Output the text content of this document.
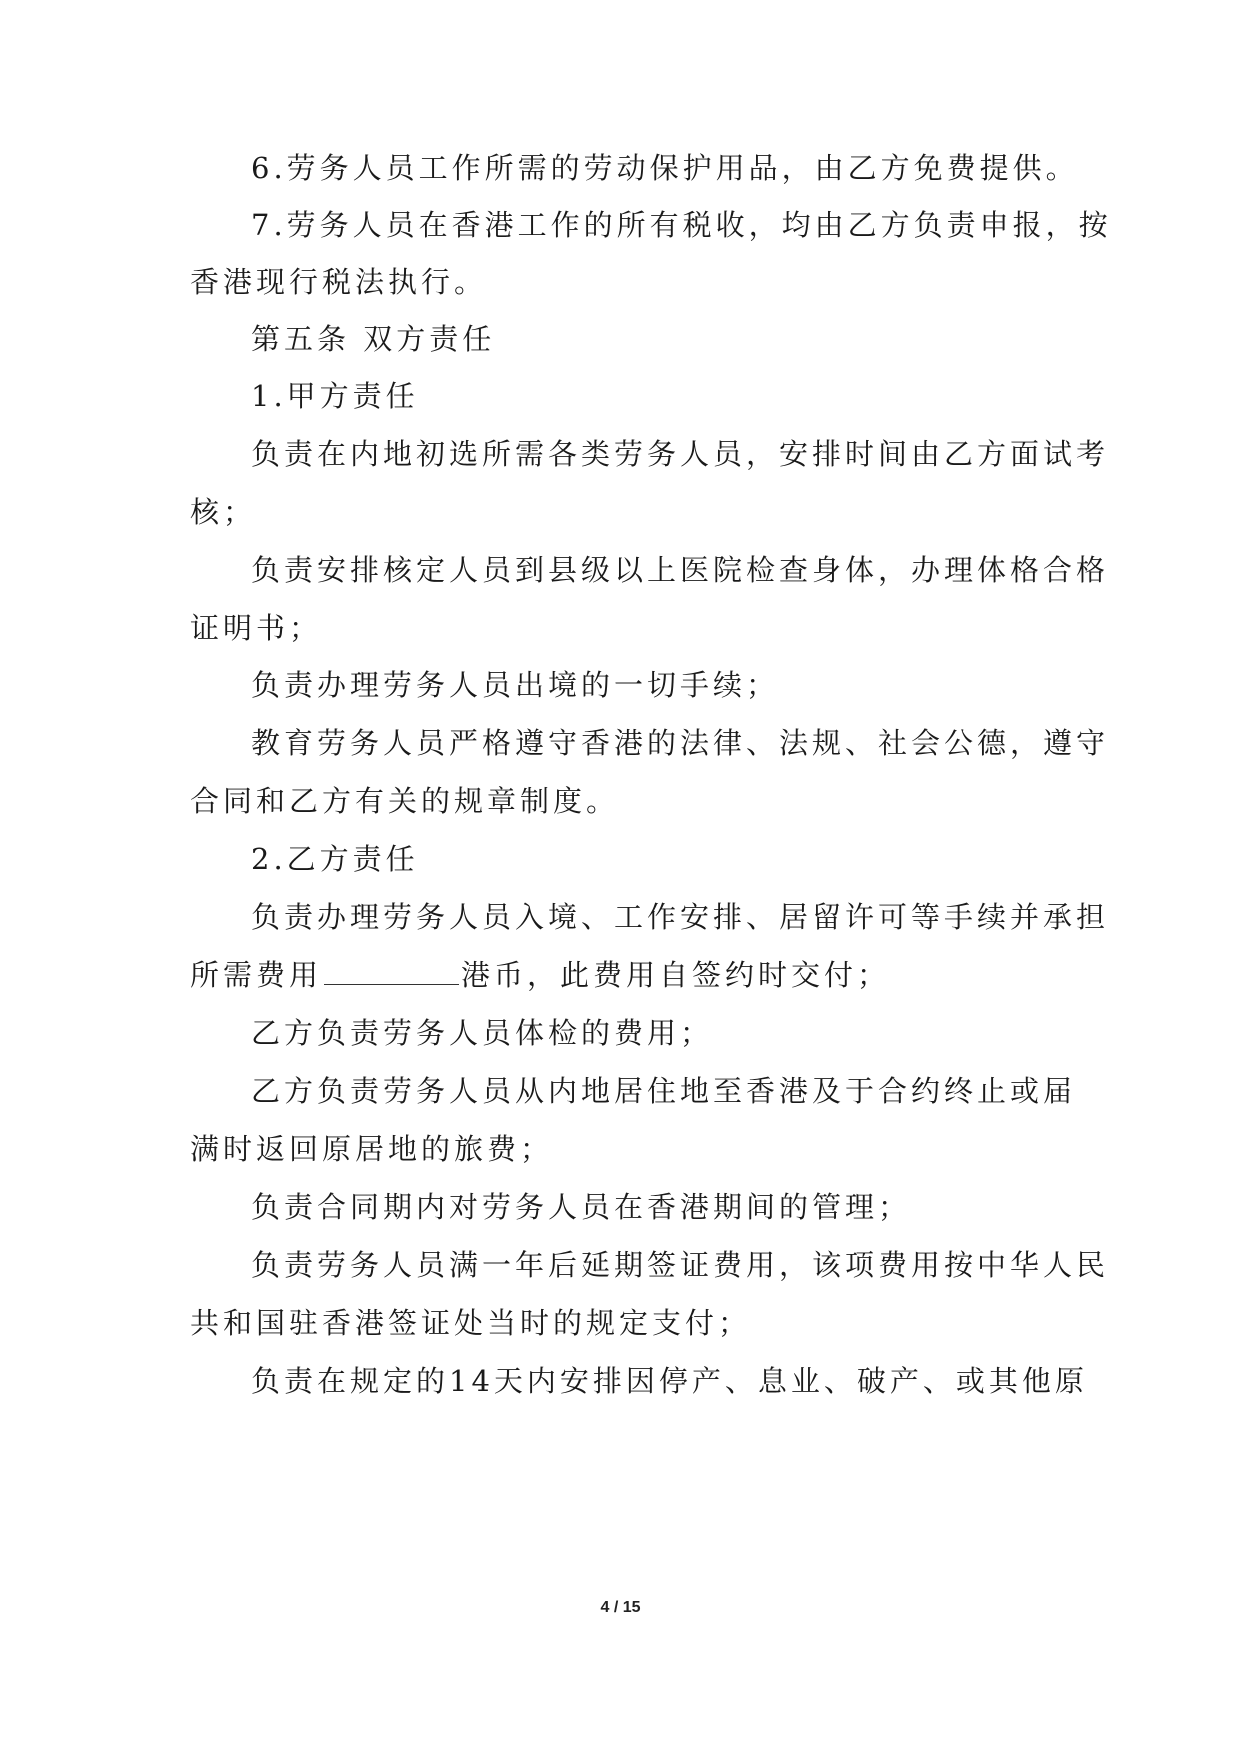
6.劳务人员工作所需的劳动保护用品，由乙方免费提供。
7.劳务人员在香港工作的所有税收，均由乙方负责申报，按
香港现行税法执行。
第五条 双方责任
1.甲方责任
负责在内地初选所需各类劳务人员，安排时间由乙方面试考
核；
负责安排核定人员到县级以上医院检查身体，办理体格合格
证明书；
负责办理劳务人员出境的一切手续；
教育劳务人员严格遵守香港的法律、法规、社会公德，遵守
合同和乙方有关的规章制度。
2.乙方责任
负责办理劳务人员入境、工作安排、居留许可等手续并承担
所需费用	港币，此费用自签约时交付；
乙方负责劳务人员体检的费用；
乙方负责劳务人员从内地居住地至香港及于合约终止或届
满时返回原居地的旅费；
负责合同期内对劳务人员在香港期间的管理；
负责劳务人员满一年后延期签证费用，该项费用按中华人民
共和国驻香港签证处当时的规定支付；
负责在规定的14天内安排因停产、息业、破产、或其他原
4 / 15
